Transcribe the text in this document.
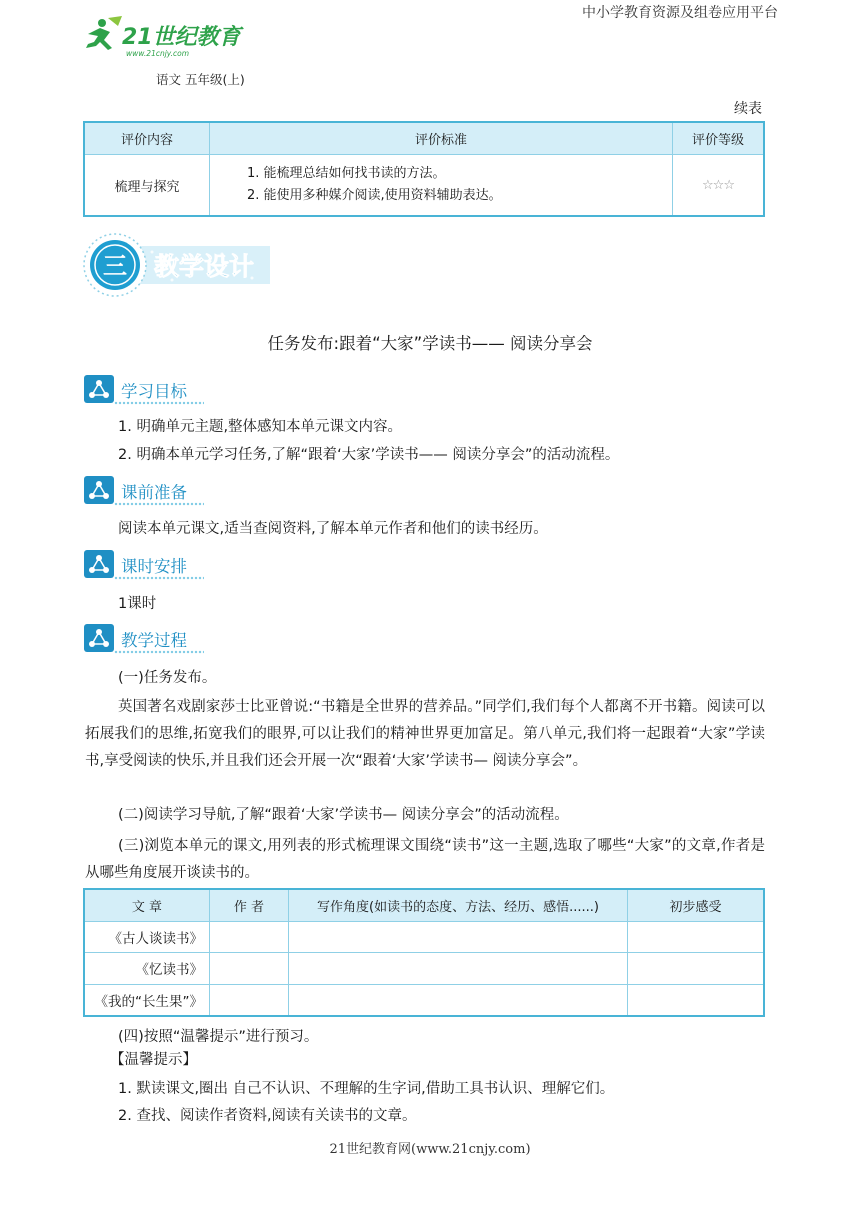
中小学教育资源及组卷应用平台
21世纪教育
www.21cnjy.com
语文 五年级(上)
续表
评价内容	评价标准	评价等级
梳理与探究	1. 能梳理总结如何找书读的方法。
2. 能使用多种媒介阅读,使用资料辅助表达。	☆☆☆
三 教学设计
任务发布:跟着“大家”学读书—— 阅读分享会
学习目标
1. 明确单元主题,整体感知本单元课文内容。
2. 明确本单元学习任务,了解“跟着‘大家’学读书—— 阅读分享会”的活动流程。
课前准备
阅读本单元课文,适当查阅资料,了解本单元作者和他们的读书经历。
课时安排
1课时
教学过程
(一)任务发布。
英国著名戏剧家莎士比亚曾说:“书籍是全世界的营养品。”同学们,我们每个人都离不开书籍。阅读可以拓展我们的思维,拓宽我们的眼界,可以让我们的精神世界更加富足。第八单元,我们将一起跟着“大家”学读书,享受阅读的快乐,并且我们还会开展一次“跟着‘大家’学读书— 阅读分享会”。
(二)阅读学习导航,了解“跟着‘大家’学读书— 阅读分享会”的活动流程。
(三)浏览本单元的课文,用列表的形式梳理课文围绕“读书”这一主题,选取了哪些“大家”的文章,作者是从哪些角度展开谈读书的。
文 章	作 者	写作角度(如读书的态度、方法、经历、感悟......)	初步感受
《古人谈读书》			
《忆读书》			
《我的“长生果”》			
(四)按照“温馨提示”进行预习。
【温馨提示】
1. 默读课文,圈出 自己不认识、不理解的生字词,借助工具书认识、理解它们。
2. 查找、阅读作者资料,阅读有关读书的文章。
21世纪教育网(www.21cnjy.com)
